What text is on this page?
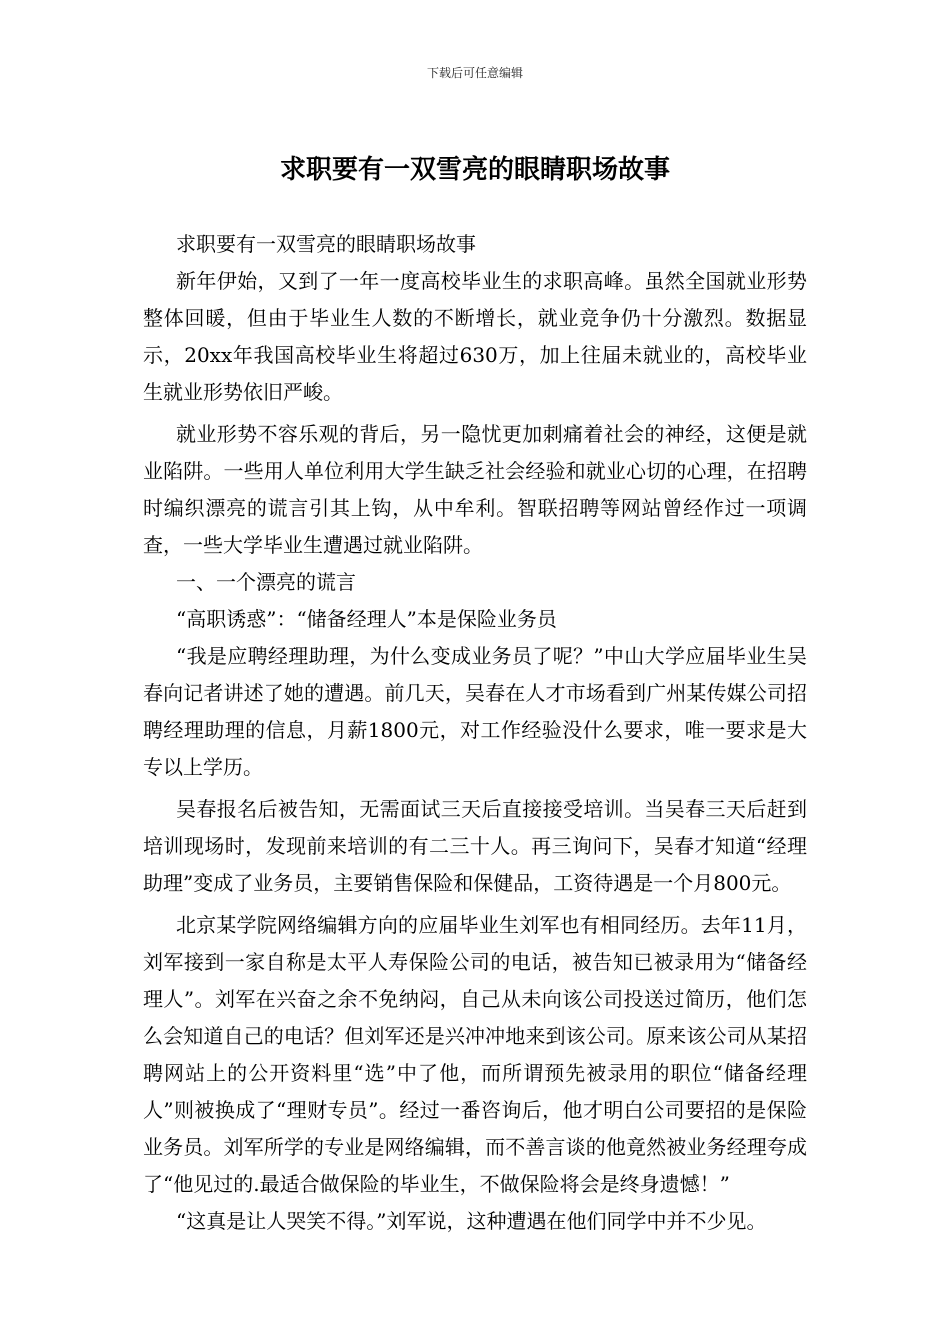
下载后可任意编辑
求职要有一双雪亮的眼睛职场故事

求职要有一双雪亮的眼睛职场故事

新年伊始，又到了一年一度高校毕业生的求职高峰。虽然全国就业形势整体回暖，但由于毕业生人数的不断增长，就业竞争仍十分激烈。数据显示，20xx年我国高校毕业生将超过630万，加上往届未就业的，高校毕业生就业形势依旧严峻。

就业形势不容乐观的背后，另一隐忧更加刺痛着社会的神经，这便是就业陷阱。一些用人单位利用大学生缺乏社会经验和就业心切的心理，在招聘时编织漂亮的谎言引其上钩，从中牟利。智联招聘等网站曾经作过一项调查，一些大学毕业生遭遇过就业陷阱。

一、一个漂亮的谎言

“高职诱惑”：“储备经理人”本是保险业务员

“我是应聘经理助理，为什么变成业务员了呢？”中山大学应届毕业生吴春向记者讲述了她的遭遇。前几天，吴春在人才市场看到广州某传媒公司招聘经理助理的信息，月薪1800元，对工作经验没什么要求，唯一要求是大专以上学历。

吴春报名后被告知，无需面试三天后直接接受培训。当吴春三天后赶到培训现场时，发现前来培训的有二三十人。再三询问下，吴春才知道“经理助理”变成了业务员，主要销售保险和保健品，工资待遇是一个月800元。

北京某学院网络编辑方向的应届毕业生刘军也有相同经历。去年11月，刘军接到一家自称是太平人寿保险公司的电话，被告知已被录用为“储备经理人”。刘军在兴奋之余不免纳闷，自己从未向该公司投送过简历，他们怎么会知道自己的电话？但刘军还是兴冲冲地来到该公司。原来该公司从某招聘网站上的公开资料里“选”中了他，而所谓预先被录用的职位“储备经理人”则被换成了“理财专员”。经过一番咨询后，他才明白公司要招的是保险业务员。刘军所学的专业是网络编辑，而不善言谈的他竟然被业务经理夸成了“他见过的.最适合做保险的毕业生，不做保险将会是终身遗憾！”

“这真是让人哭笑不得。”刘军说，这种遭遇在他们同学中并不少见。
